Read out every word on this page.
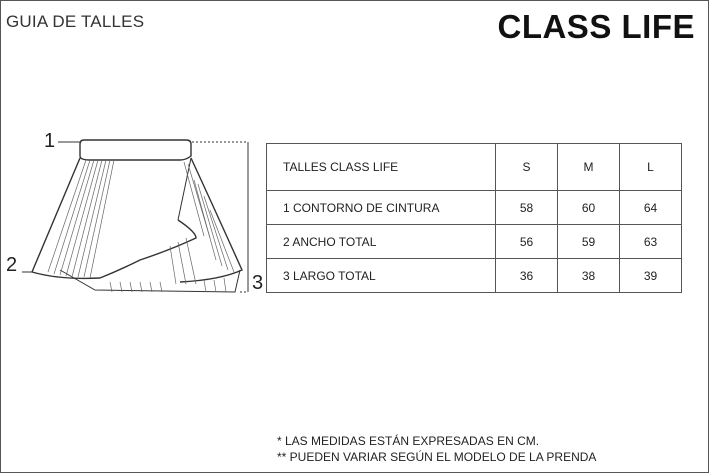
GUIA DE TALLES	CLASS LIFE
1
2
3
TALLES CLASS LIFE	S	M	L
1 CONTORNO DE CINTURA	58	60	64
2 ANCHO TOTAL	56	59	63
3 LARGO TOTAL	36	38	39
* LAS MEDIDAS ESTÁN EXPRESADAS EN CM.
** PUEDEN VARIAR SEGÚN EL MODELO DE LA PRENDA
